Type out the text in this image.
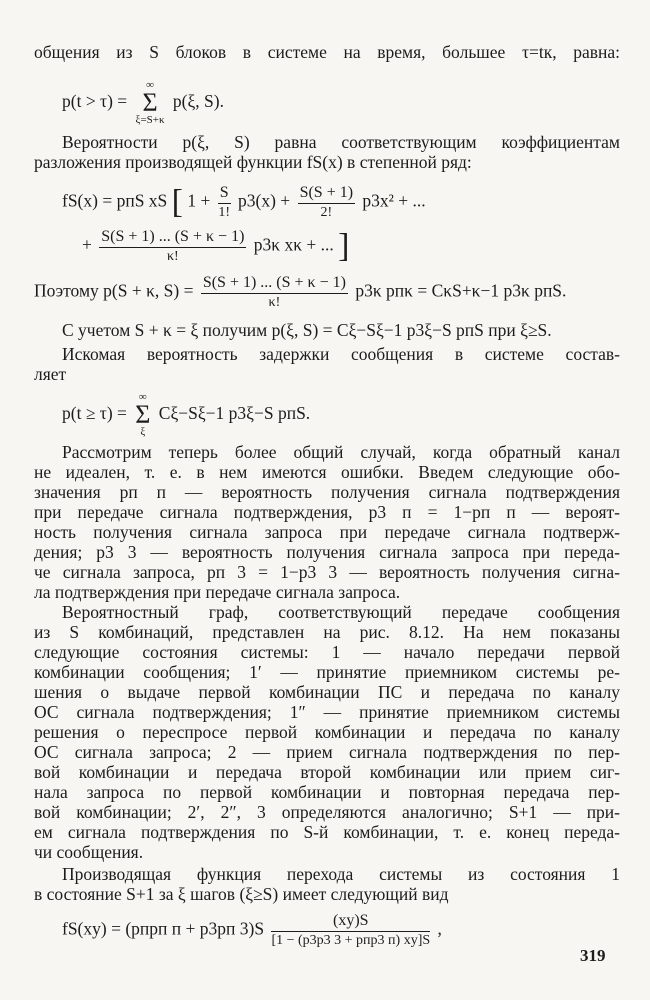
общения из S блоков в системе на время, большее τ=tк, равна:
p(t > τ) =
∞
Σ
ξ=S+κ
p(ξ, S).
Вероятности p(ξ, S) равна соответствующим коэффициентам
разложения производящей функции fS(x) в степенной ряд:
fS(x) = pпS xS [ $1 + \frac{S}{1!} p3(x) + \frac{S(S + 1)}{2!} p3x^2$ + ...
+ $\frac{S(S + 1) ... (S + \kappa - 1)}{\kappa!} p3\kappa$ xκ + ... ]
Поэтому p(S + κ, $S) = \frac{S(S + 1) ... (S + \kappa - 1)}{\kappa!} p3\kappa$ pпκ = CκS+κ−1 p3κ pпS.
С учетом S + κ = ξ получим p(ξ, S) = Cξ−Sξ−1 p3ξ−S pпS при ξ≥S.
Искомая вероятность задержки сообщения в системе состав-
ляет
p(t ≥ τ) =
∞
Σ
ξ
Cξ−Sξ−1 p3ξ−S pпS.
Рассмотрим теперь более общий случай, когда обратный канал
не идеален, т. е. в нем имеются ошибки. Введем следующие обо-
значения pп п — вероятность получения сигнала подтверждения
при передаче сигнала подтверждения, p3 п = 1−pп п — вероят-
ность получения сигнала запроса при передаче сигнала подтверж-
дения; p3 3 — вероятность получения сигнала запроса при переда-
че сигнала запроса, pп 3 = 1−p3 3 — вероятность получения сигна-
ла подтверждения при передаче сигнала запроса.
Вероятностный граф, соответствующий передаче сообщения
из S комбинаций, представлен на рис. 8.12. На нем показаны
следующие состояния системы: 1 — начало передачи первой
комбинации сообщения; 1′ — принятие приемником системы ре-
шения о выдаче первой комбинации ПС и передача по каналу
ОС сигнала подтверждения; 1″ — принятие приемником системы
решения о переспросе первой комбинации и передача по каналу
ОС сигнала запроса; 2 — прием сигнала подтверждения по пер-
вой комбинации и передача второй комбинации или прием сиг-
нала запроса по первой комбинации и повторная передача пер-
вой комбинации; 2′, 2″, 3 определяются аналогично; S+1 — при-
ем сигнала подтверждения по S-й комбинации, т. е. конец переда-
чи сообщения.
Производящая функция перехода системы из состояния 1
в состояние S+1 за ξ шагов (ξ≥S) имеет следующий вид
fS(xy) = (pпpп п + p3pп $3)S \frac{(xy)S}{\text{[1 − (p3p3 3 + pпp3 п) xy]S}}$ ,
319
